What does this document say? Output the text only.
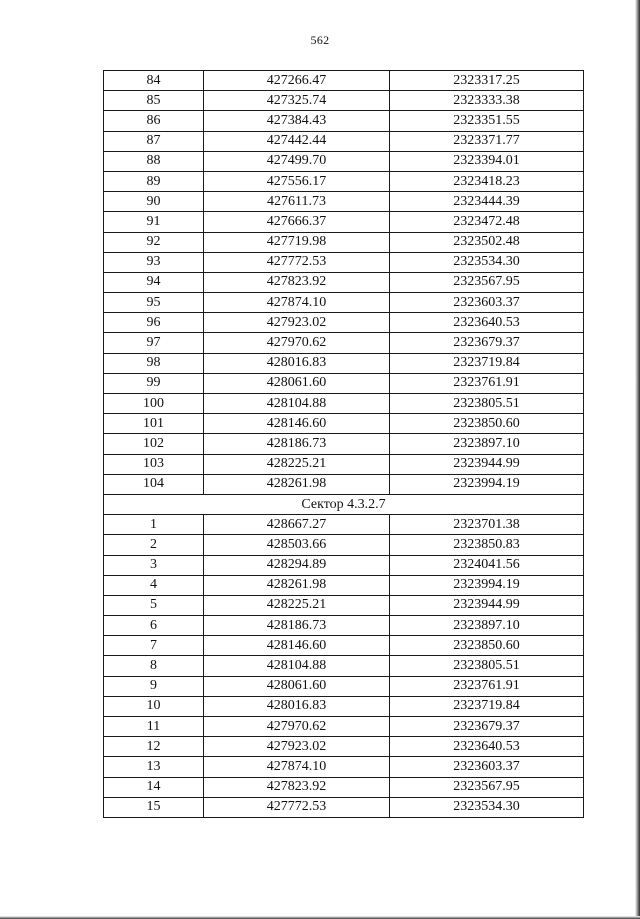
562
84	427266.47	2323317.25
85	427325.74	2323333.38
86	427384.43	2323351.55
87	427442.44	2323371.77
88	427499.70	2323394.01
89	427556.17	2323418.23
90	427611.73	2323444.39
91	427666.37	2323472.48
92	427719.98	2323502.48
93	427772.53	2323534.30
94	427823.92	2323567.95
95	427874.10	2323603.37
96	427923.02	2323640.53
97	427970.62	2323679.37
98	428016.83	2323719.84
99	428061.60	2323761.91
100	428104.88	2323805.51
101	428146.60	2323850.60
102	428186.73	2323897.10
103	428225.21	2323944.99
104	428261.98	2323994.19
Сектор 4.3.2.7		
1	428667.27	2323701.38
2	428503.66	2323850.83
3	428294.89	2324041.56
4	428261.98	2323994.19
5	428225.21	2323944.99
6	428186.73	2323897.10
7	428146.60	2323850.60
8	428104.88	2323805.51
9	428061.60	2323761.91
10	428016.83	2323719.84
11	427970.62	2323679.37
12	427923.02	2323640.53
13	427874.10	2323603.37
14	427823.92	2323567.95
15	427772.53	2323534.30
